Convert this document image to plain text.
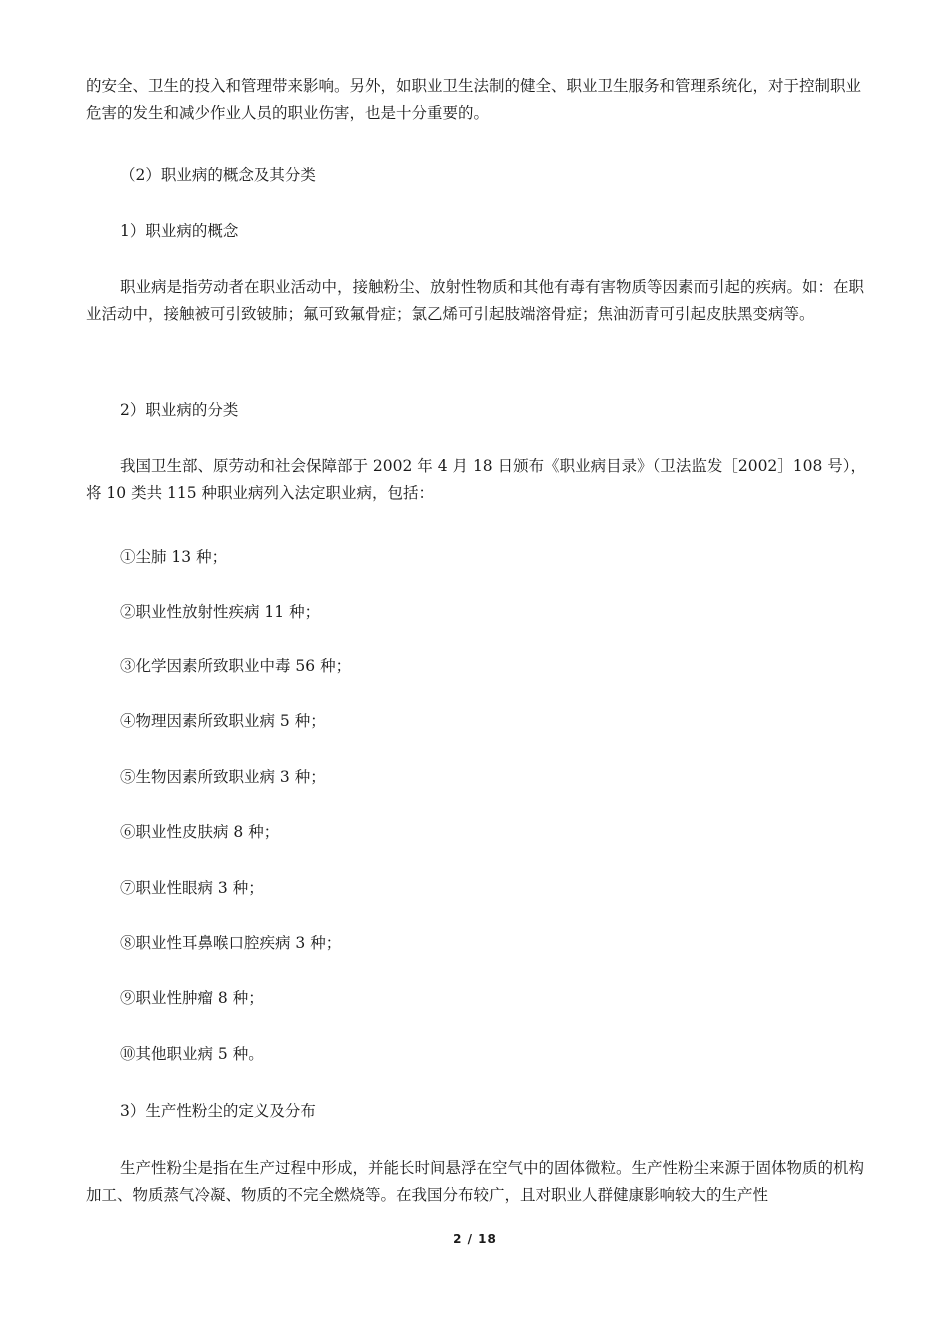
的安全、卫生的投入和管理带来影响。另外，如职业卫生法制的健全、职业卫生服务和管理系统化，对于控制职业危害的发生和减少作业人员的职业伤害，也是十分重要的。

（2）职业病的概念及其分类

1）职业病的概念

职业病是指劳动者在职业活动中，接触粉尘、放射性物质和其他有毒有害物质等因素而引起的疾病。如：在职业活动中，接触被可引致铍肺；氟可致氟骨症；氯乙烯可引起肢端溶骨症；焦油沥青可引起皮肤黑变病等。

2）职业病的分类

我国卫生部、原劳动和社会保障部于 2002 年 4 月 18 日颁布《职业病目录》（卫法监发［2002］108 号），将 10 类共 115 种职业病列入法定职业病，包括：

①尘肺 13 种；

②职业性放射性疾病 11 种；

③化学因素所致职业中毒 56 种；

④物理因素所致职业病 5 种；

⑤生物因素所致职业病 3 种；

⑥职业性皮肤病 8 种；

⑦职业性眼病 3 种；

⑧职业性耳鼻喉口腔疾病 3 种；

⑨职业性肿瘤 8 种；

⑩其他职业病 5 种。

3）生产性粉尘的定义及分布

生产性粉尘是指在生产过程中形成，并能长时间悬浮在空气中的固体微粒。生产性粉尘来源于固体物质的机构加工、物质蒸气冷凝、物质的不完全燃烧等。在我国分布较广，且对职业人群健康影响较大的生产性

2 / 18
